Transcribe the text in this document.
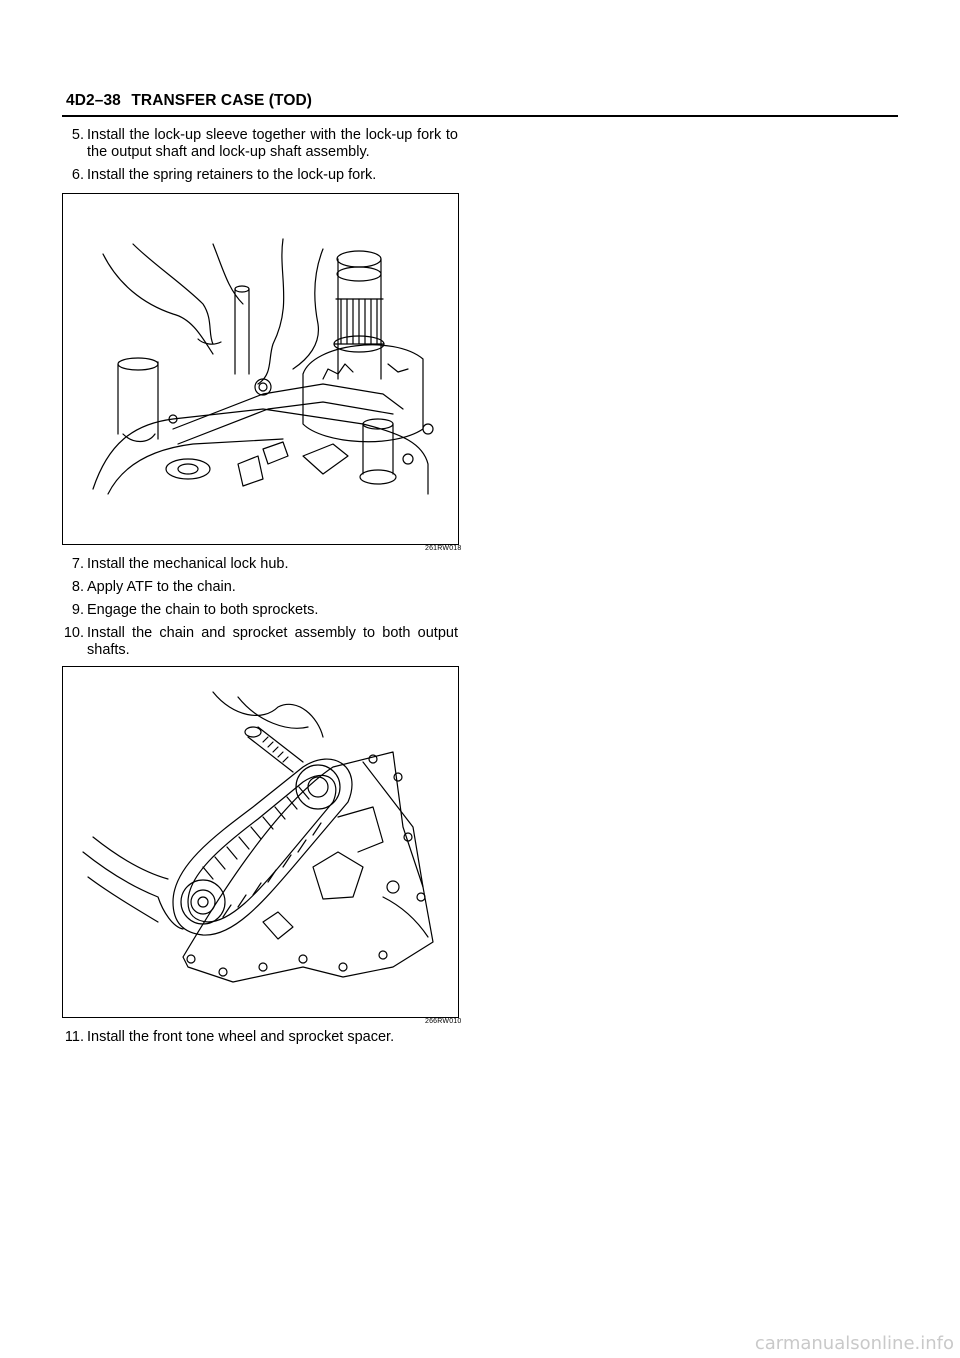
4D2–38 TRANSFER CASE (TOD)
5. Install the lock-up sleeve together with the lock-up fork to the output shaft and lock-up shaft assembly.
6. Install the spring retainers to the lock-up fork.
261RW018
7. Install the mechanical lock hub.
8. Apply ATF to the chain.
9. Engage the chain to both sprockets.
10. Install the chain and sprocket assembly to both output shafts.
266RW010
11. Install the front tone wheel and sprocket spacer.
carmanualsonline.info
